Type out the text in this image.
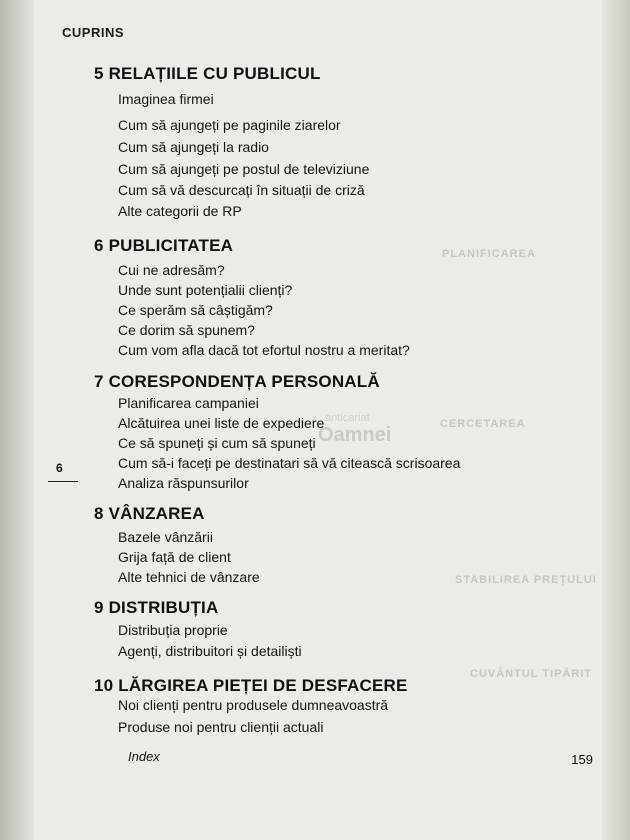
CUPRINS
PLANIFICAREA
CERCETAREA
STABILIREA PREȚULUI
CUVÂNTUL TIPĂRIT
anticariat
Oamnei
6
5 RELAȚIILE CU PUBLICUL
Imaginea firmei
Cum să ajungeți pe paginile ziarelor
Cum să ajungeți la radio
Cum să ajungeți pe postul de televiziune
Cum să vă descurcați în situații de criză
Alte categorii de RP
6 PUBLICITATEA
Cui ne adresăm?
Unde sunt potențialii clienți?
Ce sperăm să câștigăm?
Ce dorim să spunem?
Cum vom afla dacă tot efortul nostru a meritat?
7 CORESPONDENȚA PERSONALĂ
Planificarea campaniei
Alcătuirea unei liste de expediere
Ce să spuneți și cum să spuneți
Cum să-i faceți pe destinatari să vă citească scrisoarea
Analiza răspunsurilor
8 VÂNZAREA
Bazele vânzării
Grija față de client
Alte tehnici de vânzare
9 DISTRIBUȚIA
Distribuția proprie
Agenți, distribuitori și detailiști
10 LĂRGIREA PIEȚEI DE DESFACERE
Noi clienți pentru produsele dumneavoastră
Produse noi pentru clienții actuali
Index	159
